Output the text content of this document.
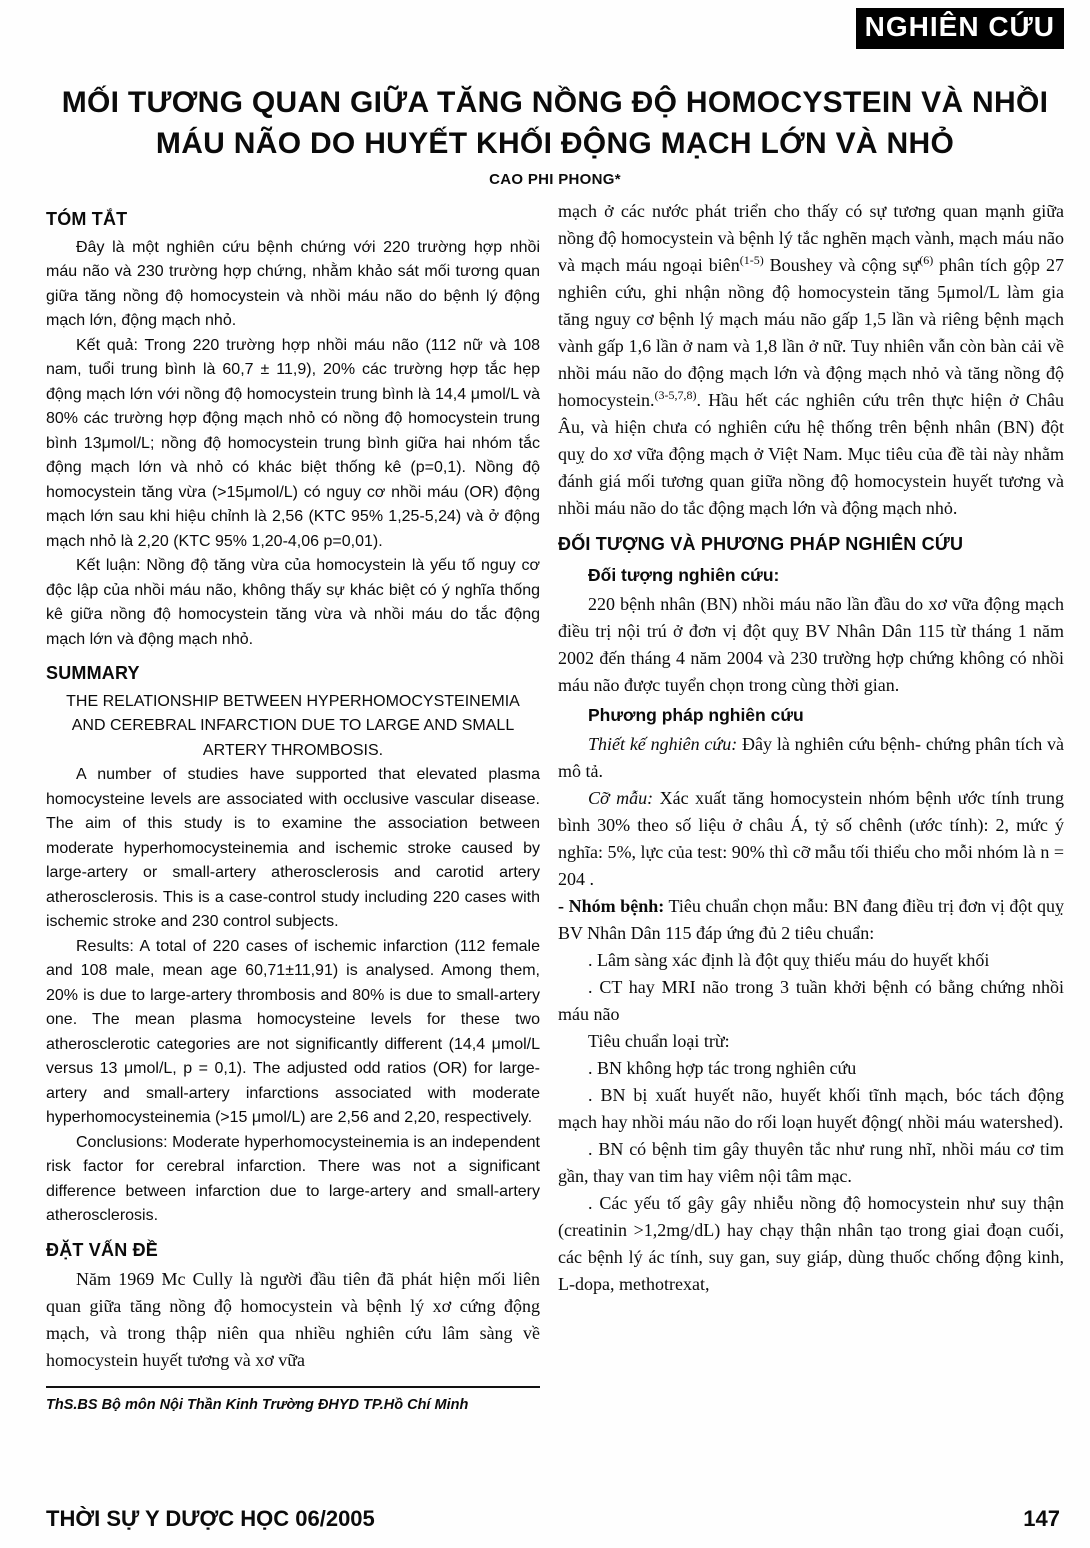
NGHIÊN CỨU
MỐI TƯƠNG QUAN GIỮA TĂNG NỒNG ĐỘ HOMOCYSTEIN VÀ NHỒI
MÁU NÃO DO HUYẾT KHỐI ĐỘNG MẠCH LỚN VÀ NHỎ
CAO PHI PHONG*
TÓM TẮT

Đây là một nghiên cứu bệnh chứng với 220 trường hợp nhồi máu não và 230 trường hợp chứng, nhằm khảo sát mối tương quan giữa tăng nồng độ homocystein và nhồi máu não do bệnh lý động mạch lớn, động mạch nhỏ.

Kết quả: Trong 220 trường hợp nhồi máu não (112 nữ và 108 nam, tuổi trung bình là 60,7 ± 11,9), 20% các trường hợp tắc hẹp động mạch lớn với nồng độ homocystein trung bình là 14,4 μmol/L và 80% các trường hợp động mạch nhỏ có nồng độ homocystein trung bình 13μmol/L; nồng độ homocystein trung bình giữa hai nhóm tắc động mạch lớn và nhỏ có khác biệt thống kê (p=0,1). Nồng độ homocystein tăng vừa (>15μmol/L) có nguy cơ nhồi máu (OR) động mạch lớn sau khi hiệu chỉnh là 2,56 (KTC 95% 1,25-5,24) và ở động mạch nhỏ là 2,20 (KTC 95% 1,20-4,06 p=0,01).

Kết luận: Nồng độ tăng vừa của homocystein là yếu tố nguy cơ độc lập của nhồi máu não, không thấy sự khác biệt có ý nghĩa thống kê giữa nồng độ homocystein tăng vừa và nhồi máu do tắc động mạch lớn và động mạch nhỏ.

SUMMARY

THE RELATIONSHIP BETWEEN HYPERHOMOCYSTEINEMIA AND CEREBRAL INFARCTION DUE TO LARGE AND SMALL ARTERY THROMBOSIS.

A number of studies have supported that elevated plasma homocysteine levels are associated with occlusive vascular disease. The aim of this study is to examine the association between moderate hyperhomocysteinemia and ischemic stroke caused by large-artery or small-artery atherosclerosis and carotid artery atherosclerosis. This is a case-control study including 220 cases with ischemic stroke and 230 control subjects.

Results: A total of 220 cases of ischemic infarction (112 female and 108 male, mean age 60,71±11,91) is analysed. Among them, 20% is due to large-artery thrombosis and 80% is due to small-artery one. The mean plasma homocysteine levels for these two atherosclerotic categories are not significantly different (14,4 μmol/L versus 13 μmol/L, p = 0,1). The adjusted odd ratios (OR) for large-artery and small-artery infarctions associated with moderate hyperhomocysteinemia (>15 μmol/L) are 2,56 and 2,20, respectively.

Conclusions: Moderate hyperhomocysteinemia is an independent risk factor for cerebral infarction. There was not a significant difference between infarction due to large-artery and small-artery atherosclerosis.

ĐẶT VẤN ĐỀ

Năm 1969 Mc Cully là người đầu tiên đã phát hiện mối liên quan giữa tăng nồng độ homocystein và bệnh lý xơ cứng động mạch, và trong thập niên qua nhiều nghiên cứu lâm sàng về homocystein huyết tương và xơ vữa

ThS.BS Bộ môn Nội Thần Kinh Trường ĐHYD TP.Hồ Chí Minh

mạch ở các nước phát triển cho thấy có sự tương quan mạnh giữa nồng độ homocystein và bệnh lý tắc nghẽn mạch vành, mạch máu não và mạch máu ngoại biên$^{(1-5)}$ Boushey và cộng sự$^{(6)}$ phân tích gộp 27 nghiên cứu, ghi nhận nồng độ homocystein tăng 5μmol/L làm gia tăng nguy cơ bệnh lý mạch máu não gấp 1,5 lần và riêng bệnh mạch vành gấp 1,6 lần ở nam và 1,8 lần ở nữ. Tuy nhiên vẫn còn bàn cải về nhồi máu não do động mạch lớn và động mạch nhỏ và tăng nồng độ homocystein.$^{(3-5,7,8)}$. Hầu hết các nghiên cứu trên thực hiện ở Châu Âu, và hiện chưa có nghiên cứu hệ thống trên bệnh nhân (BN) đột quỵ do xơ vữa động mạch ở Việt Nam. Mục tiêu của đề tài này nhằm đánh giá mối tương quan giữa nồng độ homocystein huyết tương và nhồi máu não do tắc động mạch lớn và động mạch nhỏ.

ĐỐI TƯỢNG VÀ PHƯƠNG PHÁP NGHIÊN CỨU

Đối tượng nghiên cứu:

220 bệnh nhân (BN) nhồi máu não lần đầu do xơ vữa động mạch điều trị nội trú ở đơn vị đột quỵ BV Nhân Dân 115 từ tháng 1 năm 2002 đến tháng 4 năm 2004 và 230 trường hợp chứng không có nhồi máu não được tuyển chọn trong cùng thời gian.

Phương pháp nghiên cứu

Thiết kế nghiên cứu: Đây là nghiên cứu bệnh- chứng phân tích và mô tả.

Cỡ mẫu: Xác xuất tăng homocystein nhóm bệnh ước tính trung bình 30% theo số liệu ở châu Á, tỷ số chênh (ước tính): 2, mức ý nghĩa: 5%, lực của test: 90% thì cỡ mẫu tối thiểu cho mỗi nhóm là n = 204 .

- Nhóm bệnh: Tiêu chuẩn chọn mẫu: BN đang điều trị đơn vị đột quỵ BV Nhân Dân 115 đáp ứng đủ 2 tiêu chuẩn:

. Lâm sàng xác định là đột quỵ thiếu máu do huyết khối

. CT hay MRI não trong 3 tuần khởi bệnh có bằng chứng nhồi máu não

Tiêu chuẩn loại trừ:

. BN không hợp tác trong nghiên cứu

. BN bị xuất huyết não, huyết khối tĩnh mạch, bóc tách động mạch hay nhồi máu não do rối loạn huyết động( nhồi máu watershed).

. BN có bệnh tim gây thuyên tắc như rung nhĩ, nhồi máu cơ tim gần, thay van tim hay viêm nội tâm mạc.

. Các yếu tố gây gây nhiễu nồng độ homocystein như suy thận (creatinin >1,2mg/dL) hay chạy thận nhân tạo trong giai đoạn cuối, các bệnh lý ác tính, suy gan, suy giáp, dùng thuốc chống động kinh, L-dopa, methotrexat,

THỜI SỰ Y DƯỢC HỌC 06/2005	147
